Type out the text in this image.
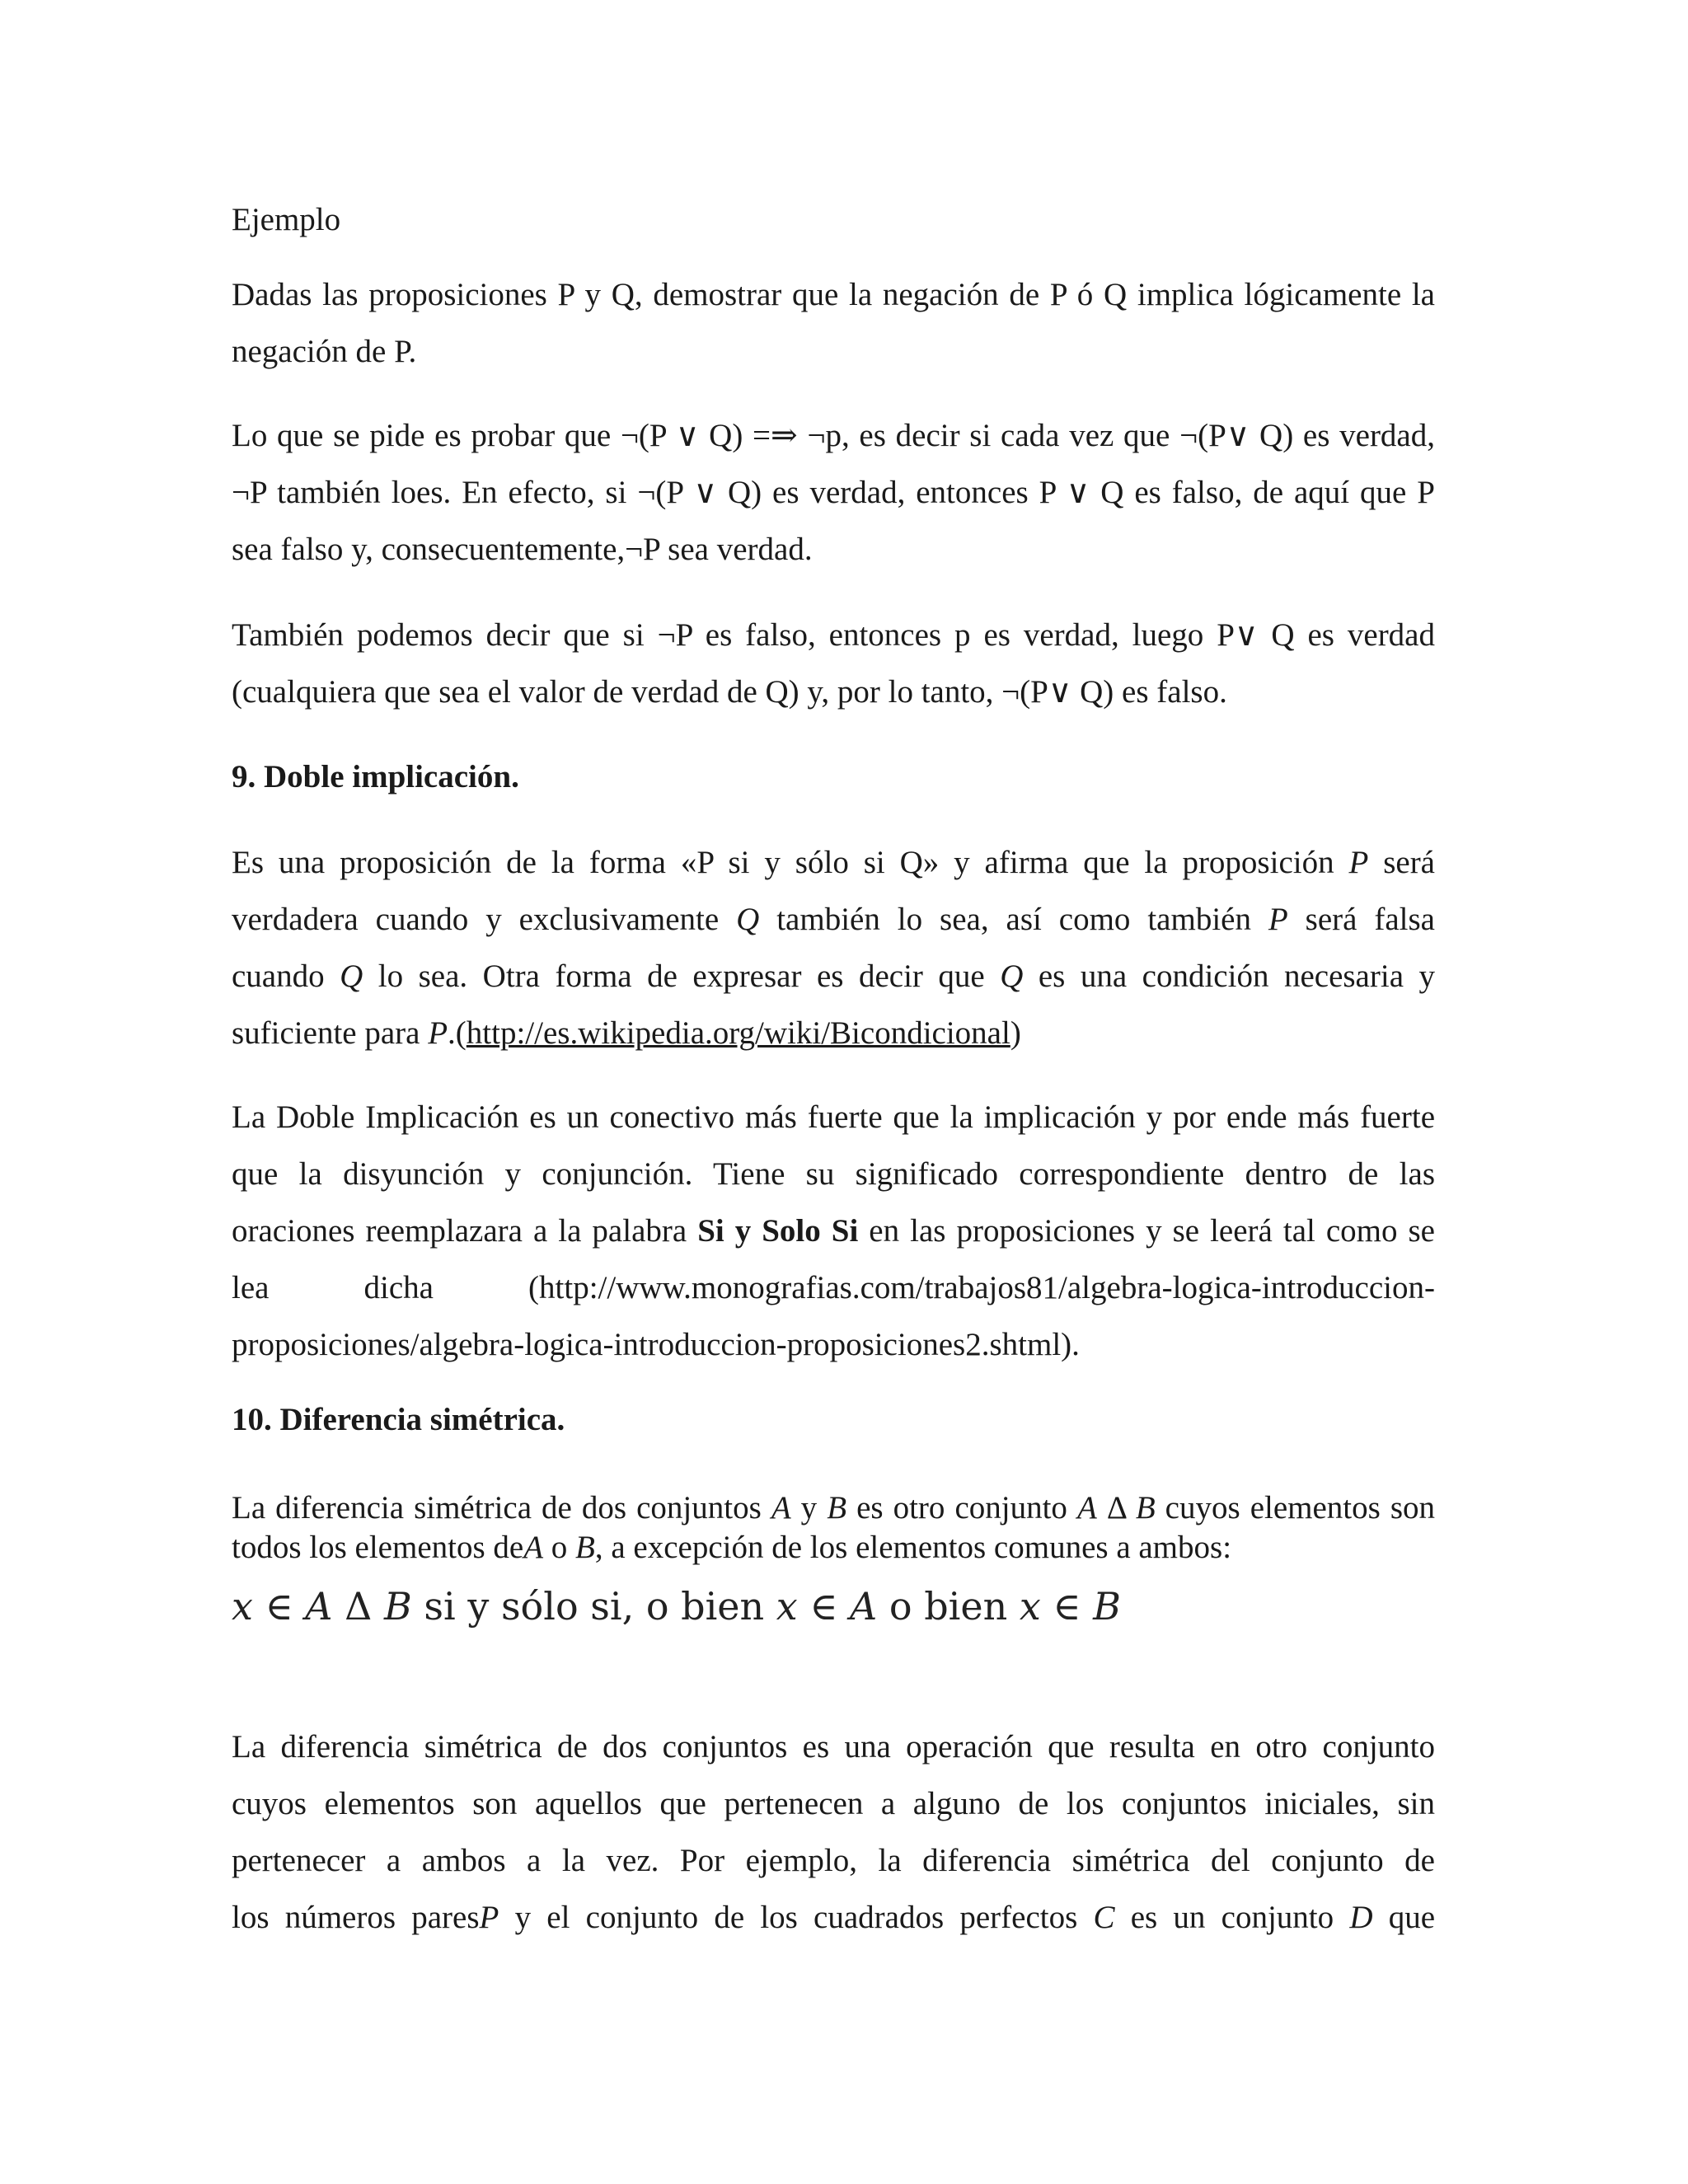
Ejemplo

Dadas las proposiciones P y Q, demostrar que la negación de P ó Q implica lógicamente la
negación de P.

Lo que se pide es probar que ¬(P ∨ Q) =⇒ ¬p, es decir si cada vez que ¬(P∨ Q) es verdad,
¬P también loes. En efecto, si ¬(P ∨ Q) es verdad, entonces P ∨ Q es falso, de aquí que P
sea falso y, consecuentemente,¬P sea verdad.

También podemos decir que si ¬P es falso, entonces p es verdad, luego P∨ Q es verdad
(cualquiera que sea el valor de verdad de Q) y, por lo tanto, ¬(P∨ Q) es falso.

9. Doble implicación.

Es una proposición de la forma «P si y sólo si Q» y afirma que la proposición P será
verdadera cuando y exclusivamente Q también lo sea, así como también P será falsa
cuando Q lo sea. Otra forma de expresar es decir que Q es una condición necesaria y
suficiente para P.(http://es.wikipedia.org/wiki/Bicondicional)

La Doble Implicación es un conectivo más fuerte que la implicación y por ende más fuerte
que la disyunción y conjunción. Tiene su significado correspondiente dentro de las
oraciones reemplazara a la palabra Si y Solo Si en las proposiciones y se leerá tal como se
lea dicha (http://www.monografias.com/trabajos81/algebra-logica-introduccion-
proposiciones/algebra-logica-introduccion-proposiciones2.shtml).

10. Diferencia simétrica.

La diferencia simétrica de dos conjuntos A y B es otro conjunto A Δ B cuyos elementos son
todos los elementos deA o B, a excepción de los elementos comunes a ambos:

x ∈ A Δ B si y sólo si, o bien x ∈ A o bien x ∈ B

La diferencia simétrica de dos conjuntos es una operación que resulta en otro conjunto
cuyos elementos son aquellos que pertenecen a alguno de los conjuntos iniciales, sin
pertenecer a ambos a la vez. Por ejemplo, la diferencia simétrica del conjunto de
los números paresP y el conjunto de los cuadrados perfectos C es un conjunto D que
